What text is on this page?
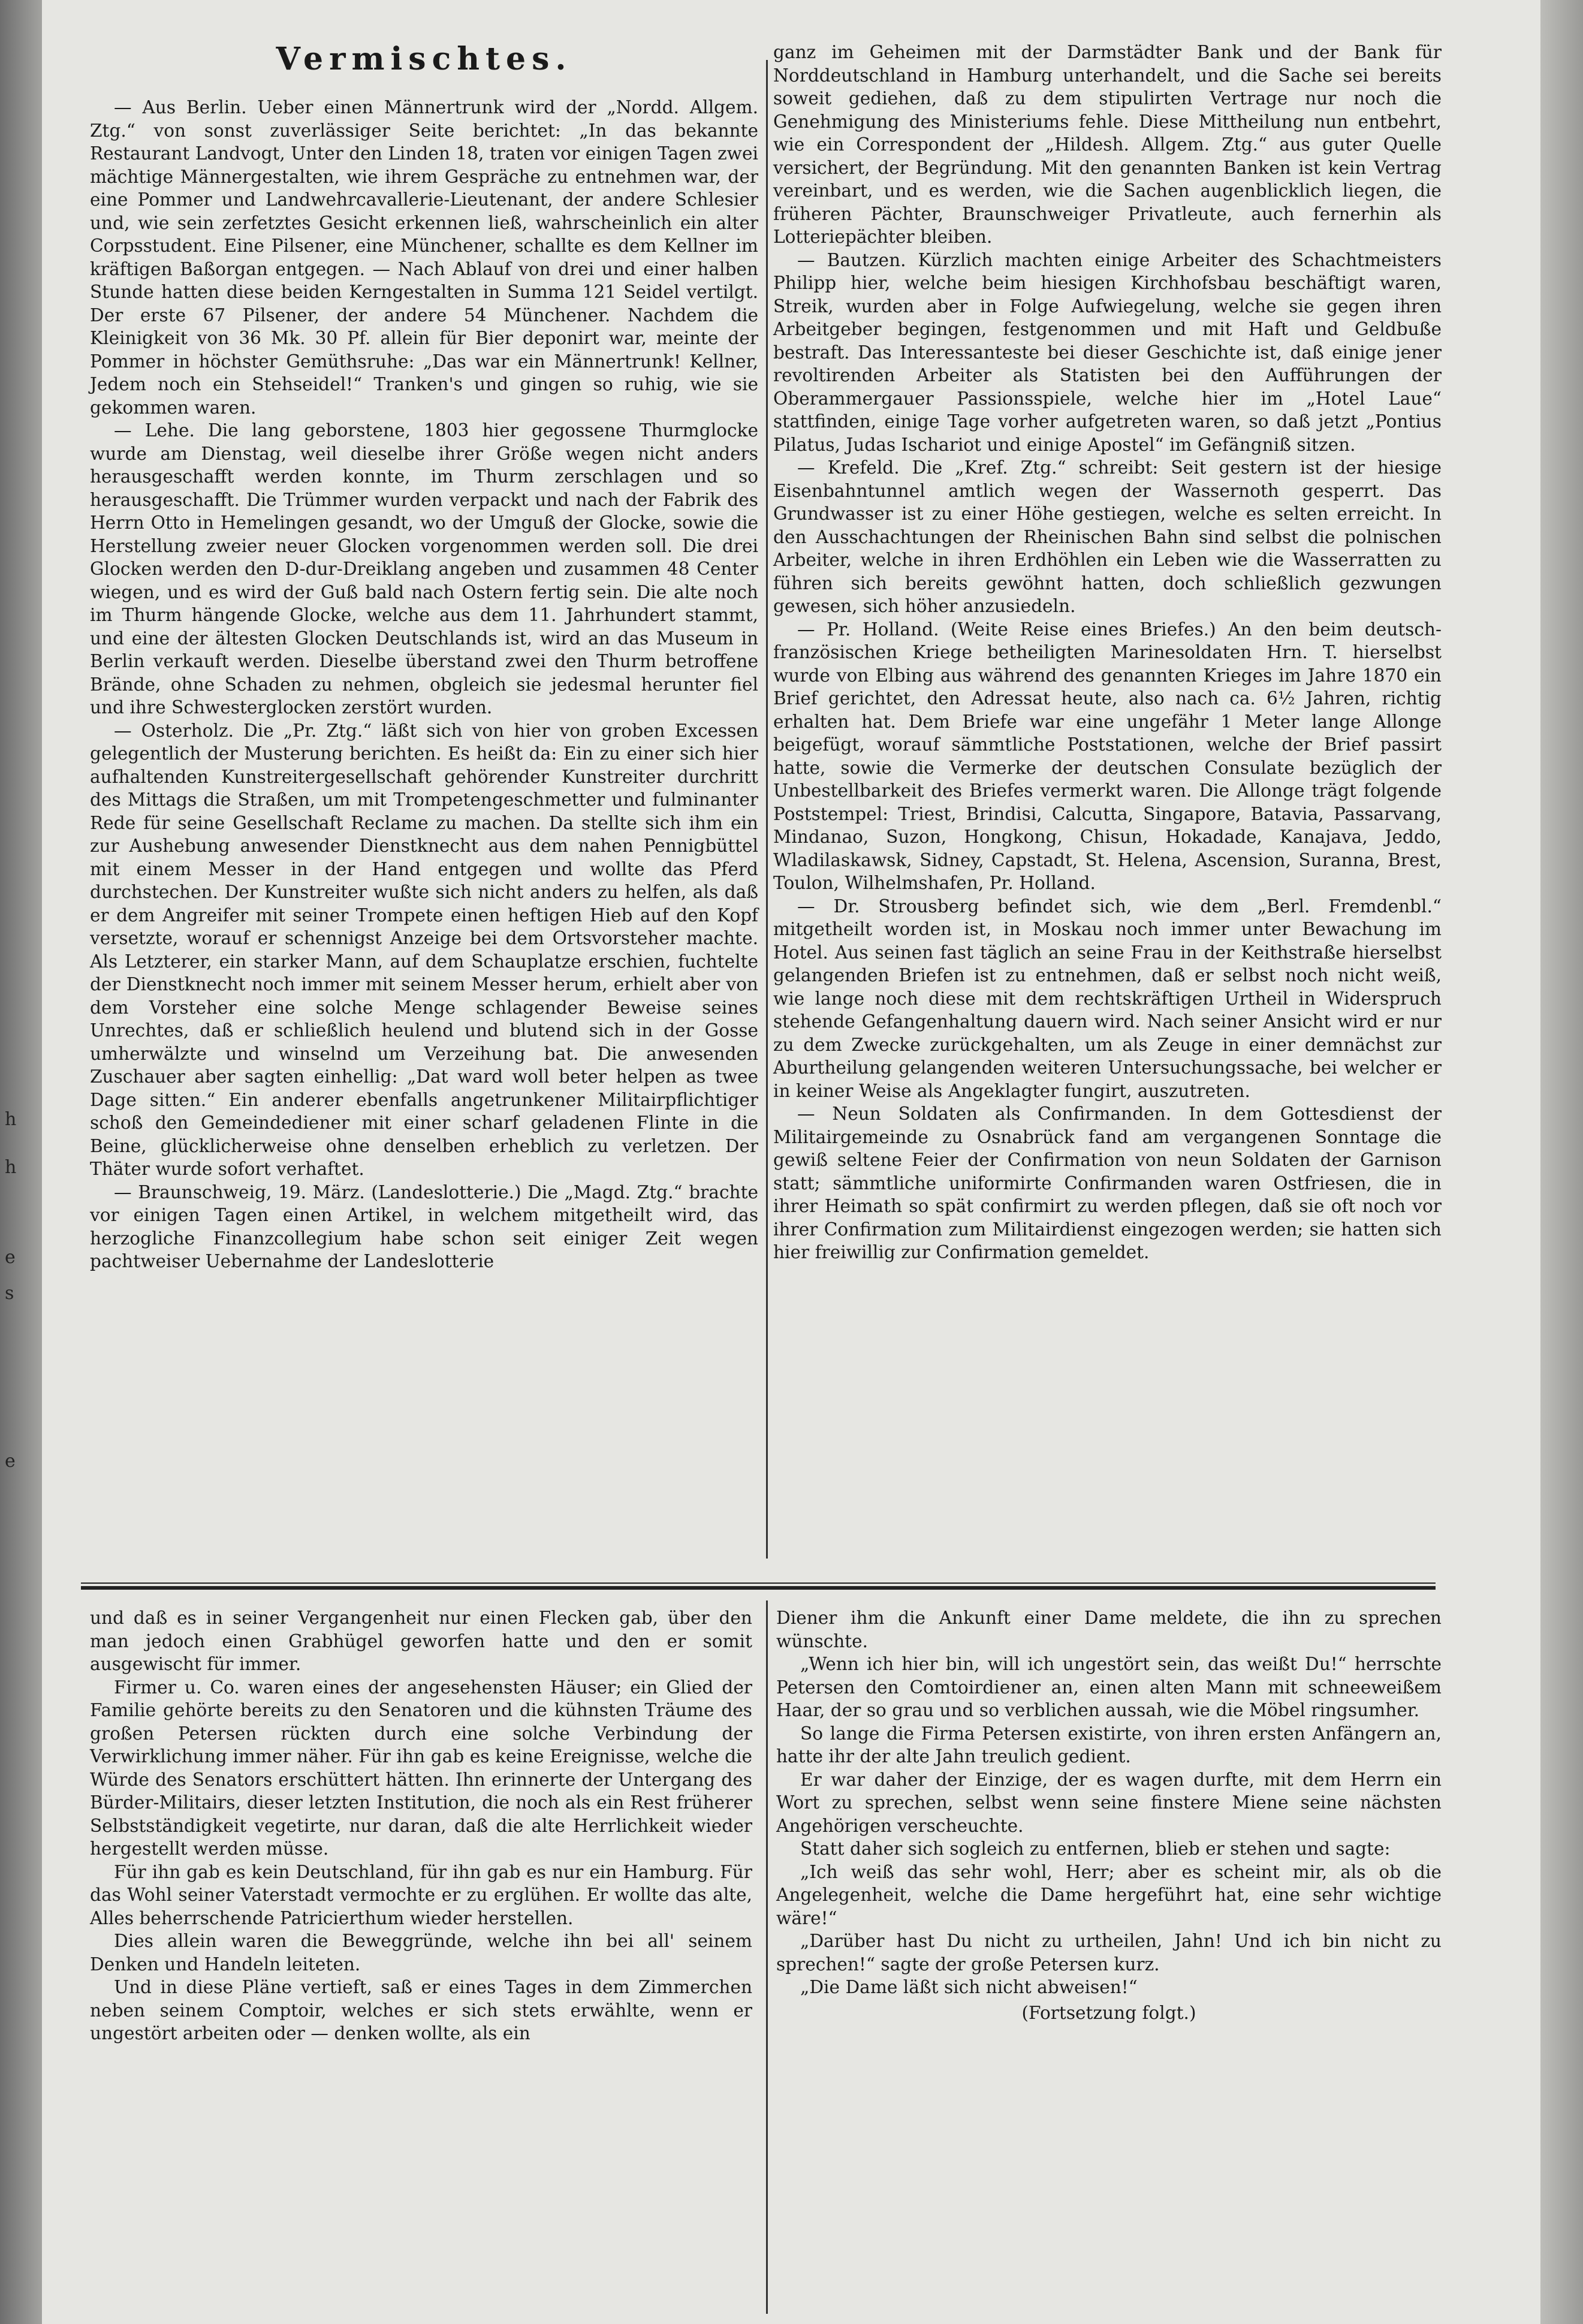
h
h
e
s
e
Vermischtes.

— Aus Berlin. Ueber einen Männertrunk wird der „Nordd. Allgem. Ztg.“ von sonst zuverlässiger Seite berichtet: „In das bekannte Restaurant Landvogt, Unter den Linden 18, traten vor einigen Tagen zwei mächtige Männergestalten, wie ihrem Gespräche zu entnehmen war, der eine Pommer und Landwehrcavallerie-Lieutenant, der andere Schlesier und, wie sein zerfetztes Gesicht erkennen ließ, wahrscheinlich ein alter Corpsstudent. Eine Pilsener, eine Münchener, schallte es dem Kellner im kräftigen Baßorgan entgegen. — Nach Ablauf von drei und einer halben Stunde hatten diese beiden Kerngestalten in Summa 121 Seidel vertilgt. Der erste 67 Pilsener, der andere 54 Münchener. Nachdem die Kleinigkeit von 36 Mk. 30 Pf. allein für Bier deponirt war, meinte der Pommer in höchster Gemüthsruhe: „Das war ein Männertrunk! Kellner, Jedem noch ein Stehseidel!“ Tranken's und gingen so ruhig, wie sie gekommen waren.

— Lehe. Die lang geborstene, 1803 hier gegossene Thurmglocke wurde am Dienstag, weil dieselbe ihrer Größe wegen nicht anders herausgeschafft werden konnte, im Thurm zerschlagen und so herausgeschafft. Die Trümmer wurden verpackt und nach der Fabrik des Herrn Otto in Hemelingen gesandt, wo der Umguß der Glocke, sowie die Herstellung zweier neuer Glocken vorgenommen werden soll. Die drei Glocken werden den D-dur-Dreiklang angeben und zusammen 48 Center wiegen, und es wird der Guß bald nach Ostern fertig sein. Die alte noch im Thurm hängende Glocke, welche aus dem 11. Jahrhundert stammt, und eine der ältesten Glocken Deutschlands ist, wird an das Museum in Berlin verkauft werden. Dieselbe überstand zwei den Thurm betroffene Brände, ohne Schaden zu nehmen, obgleich sie jedesmal herunter fiel und ihre Schwesterglocken zerstört wurden.

— Osterholz. Die „Pr. Ztg.“ läßt sich von hier von groben Excessen gelegentlich der Musterung berichten. Es heißt da: Ein zu einer sich hier aufhaltenden Kunstreitergesellschaft gehörender Kunstreiter durchritt des Mittags die Straßen, um mit Trompetengeschmetter und fulminanter Rede für seine Gesellschaft Reclame zu machen. Da stellte sich ihm ein zur Aushebung anwesender Dienstknecht aus dem nahen Pennigbüttel mit einem Messer in der Hand entgegen und wollte das Pferd durchstechen. Der Kunstreiter wußte sich nicht anders zu helfen, als daß er dem Angreifer mit seiner Trompete einen heftigen Hieb auf den Kopf versetzte, worauf er schennigst Anzeige bei dem Ortsvorsteher machte. Als Letzterer, ein starker Mann, auf dem Schauplatze erschien, fuchtelte der Dienstknecht noch immer mit seinem Messer herum, erhielt aber von dem Vorsteher eine solche Menge schlagender Beweise seines Unrechtes, daß er schließlich heulend und blutend sich in der Gosse umherwälzte und winselnd um Verzeihung bat. Die anwesenden Zuschauer aber sagten einhellig: „Dat ward woll beter helpen as twee Dage sitten.“ Ein anderer ebenfalls angetrunkener Militairpflichtiger schoß den Gemeindediener mit einer scharf geladenen Flinte in die Beine, glücklicherweise ohne denselben erheblich zu verletzen. Der Thäter wurde sofort verhaftet.

— Braunschweig, 19. März. (Landeslotterie.) Die „Magd. Ztg.“ brachte vor einigen Tagen einen Artikel, in welchem mitgetheilt wird, das herzogliche Finanzcollegium habe schon seit einiger Zeit wegen pachtweiser Uebernahme der Landeslotterie

ganz im Geheimen mit der Darmstädter Bank und der Bank für Norddeutschland in Hamburg unterhandelt, und die Sache sei bereits soweit gediehen, daß zu dem stipulirten Vertrage nur noch die Genehmigung des Ministeriums fehle. Diese Mittheilung nun entbehrt, wie ein Correspondent der „Hildesh. Allgem. Ztg.“ aus guter Quelle versichert, der Begründung. Mit den genannten Banken ist kein Vertrag vereinbart, und es werden, wie die Sachen augenblicklich liegen, die früheren Pächter, Braunschweiger Privatleute, auch fernerhin als Lotteriepächter bleiben.

— Bautzen. Kürzlich machten einige Arbeiter des Schachtmeisters Philipp hier, welche beim hiesigen Kirchhofsbau beschäftigt waren, Streik, wurden aber in Folge Aufwiegelung, welche sie gegen ihren Arbeitgeber begingen, festgenommen und mit Haft und Geldbuße bestraft. Das Interessanteste bei dieser Geschichte ist, daß einige jener revoltirenden Arbeiter als Statisten bei den Aufführungen der Oberammergauer Passionsspiele, welche hier im „Hotel Laue“ stattfinden, einige Tage vorher aufgetreten waren, so daß jetzt „Pontius Pilatus, Judas Ischariot und einige Apostel“ im Gefängniß sitzen.

— Krefeld. Die „Kref. Ztg.“ schreibt: Seit gestern ist der hiesige Eisenbahntunnel amtlich wegen der Wassernoth gesperrt. Das Grundwasser ist zu einer Höhe gestiegen, welche es selten erreicht. In den Ausschachtungen der Rheinischen Bahn sind selbst die polnischen Arbeiter, welche in ihren Erdhöhlen ein Leben wie die Wasserratten zu führen sich bereits gewöhnt hatten, doch schließlich gezwungen gewesen, sich höher anzusiedeln.

— Pr. Holland. (Weite Reise eines Briefes.) An den beim deutsch-französischen Kriege betheiligten Marinesoldaten Hrn. T. hierselbst wurde von Elbing aus während des genannten Krieges im Jahre 1870 ein Brief gerichtet, den Adressat heute, also nach ca. 6½ Jahren, richtig erhalten hat. Dem Briefe war eine ungefähr 1 Meter lange Allonge beigefügt, worauf sämmtliche Poststationen, welche der Brief passirt hatte, sowie die Vermerke der deutschen Consulate bezüglich der Unbestellbarkeit des Briefes vermerkt waren. Die Allonge trägt folgende Poststempel: Triest, Brindisi, Calcutta, Singapore, Batavia, Passarvang, Mindanao, Suzon, Hongkong, Chisun, Hokadade, Kanajava, Jeddo, Wladilaskawsk, Sidney, Capstadt, St. Helena, Ascension, Suranna, Brest, Toulon, Wilhelmshafen, Pr. Holland.

— Dr. Strousberg befindet sich, wie dem „Berl. Fremdenbl.“ mitgetheilt worden ist, in Moskau noch immer unter Bewachung im Hotel. Aus seinen fast täglich an seine Frau in der Keithstraße hierselbst gelangenden Briefen ist zu entnehmen, daß er selbst noch nicht weiß, wie lange noch diese mit dem rechtskräftigen Urtheil in Widerspruch stehende Gefangenhaltung dauern wird. Nach seiner Ansicht wird er nur zu dem Zwecke zurückgehalten, um als Zeuge in einer demnächst zur Aburtheilung gelangenden weiteren Untersuchungssache, bei welcher er in keiner Weise als Angeklagter fungirt, auszutreten.

— Neun Soldaten als Confirmanden. In dem Gottesdienst der Militairgemeinde zu Osnabrück fand am vergangenen Sonntage die gewiß seltene Feier der Confirmation von neun Soldaten der Garnison statt; sämmtliche uniformirte Confirmanden waren Ostfriesen, die in ihrer Heimath so spät confirmirt zu werden pflegen, daß sie oft noch vor ihrer Confirmation zum Militairdienst eingezogen werden; sie hatten sich hier freiwillig zur Confirmation gemeldet.

und daß es in seiner Vergangenheit nur einen Flecken gab, über den man jedoch einen Grabhügel geworfen hatte und den er somit ausgewischt für immer.

Firmer u. Co. waren eines der angesehensten Häuser; ein Glied der Familie gehörte bereits zu den Senatoren und die kühnsten Träume des großen Petersen rückten durch eine solche Verbindung der Verwirklichung immer näher. Für ihn gab es keine Ereignisse, welche die Würde des Senators erschüttert hätten. Ihn erinnerte der Untergang des Bürder-Militairs, dieser letzten Institution, die noch als ein Rest früherer Selbstständigkeit vegetirte, nur daran, daß die alte Herrlichkeit wieder hergestellt werden müsse.

Für ihn gab es kein Deutschland, für ihn gab es nur ein Hamburg. Für das Wohl seiner Vaterstadt vermochte er zu erglühen. Er wollte das alte, Alles beherrschende Patricierthum wieder herstellen.

Dies allein waren die Beweggründe, welche ihn bei all' seinem Denken und Handeln leiteten.

Und in diese Pläne vertieft, saß er eines Tages in dem Zimmerchen neben seinem Comptoir, welches er sich stets erwählte, wenn er ungestört arbeiten oder — denken wollte, als ein

Diener ihm die Ankunft einer Dame meldete, die ihn zu sprechen wünschte.

„Wenn ich hier bin, will ich ungestört sein, das weißt Du!“ herrschte Petersen den Comtoirdiener an, einen alten Mann mit schneeweißem Haar, der so grau und so verblichen aussah, wie die Möbel ringsumher.

So lange die Firma Petersen existirte, von ihren ersten Anfängern an, hatte ihr der alte Jahn treulich gedient.

Er war daher der Einzige, der es wagen durfte, mit dem Herrn ein Wort zu sprechen, selbst wenn seine finstere Miene seine nächsten Angehörigen verscheuchte.

Statt daher sich sogleich zu entfernen, blieb er stehen und sagte:

„Ich weiß das sehr wohl, Herr; aber es scheint mir, als ob die Angelegenheit, welche die Dame hergeführt hat, eine sehr wichtige wäre!“

„Darüber hast Du nicht zu urtheilen, Jahn! Und ich bin nicht zu sprechen!“ sagte der große Petersen kurz.

„Die Dame läßt sich nicht abweisen!“

(Fortsetzung folgt.)
